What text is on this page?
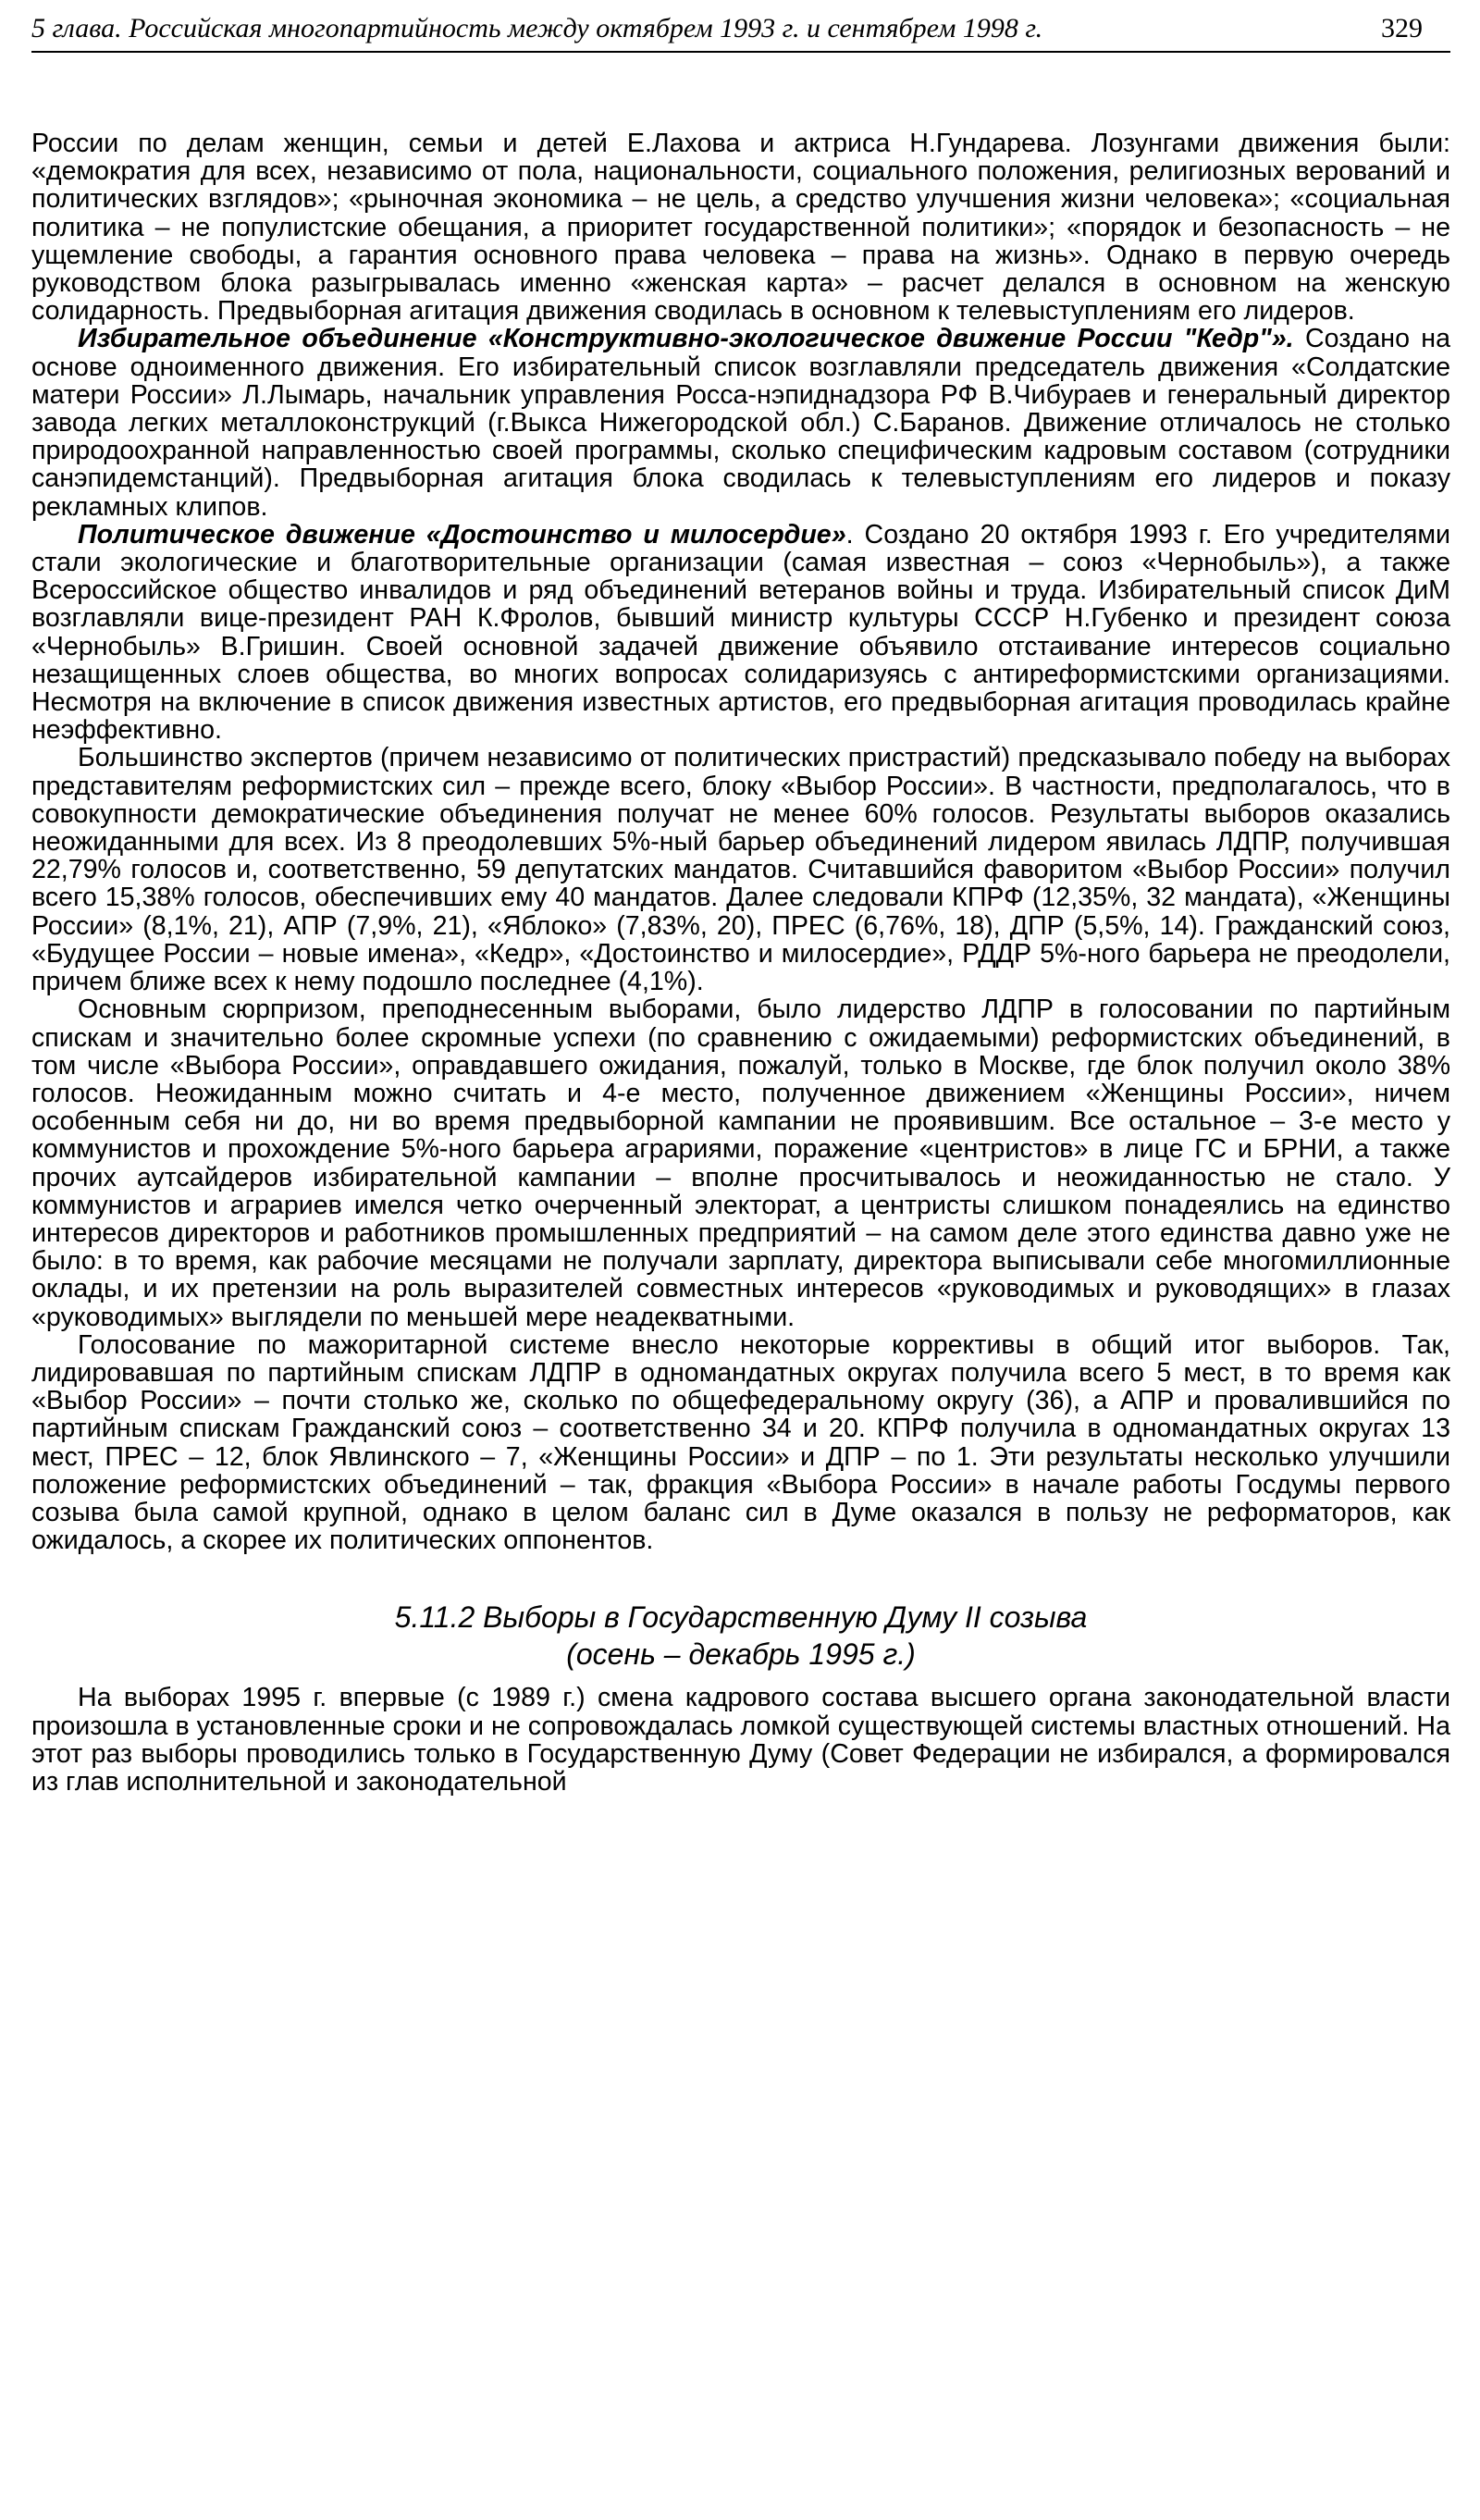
5 глава. Российская многопартийность между октябрем 1993 г. и сентябрем 1998 г.	329

России по делам женщин, семьи и детей Е.Лахова и актриса Н.Гундарева. Лозунгами движения были: «демократия для всех, независимо от пола, национальности, социального положения, религиозных верований и политических взглядов»; «рыночная экономика – не цель, а средство улучшения жизни человека»; «социальная политика – не популистские обещания, а приоритет государственной политики»; «порядок и безопасность – не ущемление свободы, а гарантия основного права человека – права на жизнь». Однако в первую очередь руководством блока разыгрывалась именно «женская карта» – расчет делался в основном на женскую солидарность. Предвыборная агитация движения сводилась в основном к телевыступлениям его лидеров.

Избирательное объединение «Конструктивно-экологическое движение России "Кедр"». Создано на основе одноименного движения. Его избирательный список возглавляли председатель движения «Солдатские матери России» Л.Лымарь, начальник управления Росса-нэпиднадзора РФ В.Чибураев и генеральный директор завода легких металлоконструкций (г.Выкса Нижегородской обл.) С.Баранов. Движение отличалось не столько природоохранной направленностью своей программы, сколько специфическим кадровым составом (сотрудники санэпидемстанций). Предвыборная агитация блока сводилась к телевыступлениям его лидеров и показу рекламных клипов.

Политическое движение «Достоинство и милосердие». Создано 20 октября 1993 г. Его учредителями стали экологические и благотворительные организации (самая известная – союз «Чернобыль»), а также Всероссийское общество инвалидов и ряд объединений ветеранов войны и труда. Избирательный список ДиМ возглавляли вице-президент РАН К.Фролов, бывший министр культуры СССР Н.Губенко и президент союза «Чернобыль» В.Гришин. Своей основной задачей движение объявило отстаивание интересов социально незащищенных слоев общества, во многих вопросах солидаризуясь с антиреформистскими организациями. Несмотря на включение в список движения известных артистов, его предвыборная агитация проводилась крайне неэффективно.

Большинство экспертов (причем независимо от политических пристрастий) предсказывало победу на выборах представителям реформистских сил – прежде всего, блоку «Выбор России». В частности, предполагалось, что в совокупности демократические объединения получат не менее 60% голосов. Результаты выборов оказались неожиданными для всех. Из 8 преодолевших 5%-ный барьер объединений лидером явилась ЛДПР, получившая 22,79% голосов и, соответственно, 59 депутатских мандатов. Считавшийся фаворитом «Выбор России» получил всего 15,38% голосов, обеспечивших ему 40 мандатов. Далее следовали КПРФ (12,35%, 32 мандата), «Женщины России» (8,1%, 21), АПР (7,9%, 21), «Яблоко» (7,83%, 20), ПРЕС (6,76%, 18), ДПР (5,5%, 14). Гражданский союз, «Будущее России – новые имена», «Кедр», «Достоинство и милосердие», РДДР 5%-ного барьера не преодолели, причем ближе всех к нему подошло последнее (4,1%).

Основным сюрпризом, преподнесенным выборами, было лидерство ЛДПР в голосовании по партийным спискам и значительно более скромные успехи (по сравнению с ожидаемыми) реформистских объединений, в том числе «Выбора России», оправдавшего ожидания, пожалуй, только в Москве, где блок получил около 38% голосов. Неожиданным можно считать и 4-е место, полученное движением «Женщины России», ничем особенным себя ни до, ни во время предвыборной кампании не проявившим. Все остальное – 3-е место у коммунистов и прохождение 5%-ного барьера аграриями, поражение «центристов» в лице ГС и БРНИ, а также прочих аутсайдеров избирательной кампании – вполне просчитывалось и неожиданностью не стало. У коммунистов и аграриев имелся четко очерченный электорат, а центристы слишком понадеялись на единство интересов директоров и работников промышленных предприятий – на самом деле этого единства давно уже не было: в то время, как рабочие месяцами не получали зарплату, директора выписывали себе многомиллионные оклады, и их претензии на роль выразителей совместных интересов «руководимых и руководящих» в глазах «руководимых» выглядели по меньшей мере неадекватными.

Голосование по мажоритарной системе внесло некоторые коррективы в общий итог выборов. Так, лидировавшая по партийным спискам ЛДПР в одномандатных округах получила всего 5 мест, в то время как «Выбор России» – почти столько же, сколько по общефедеральному округу (36), а АПР и провалившийся по партийным спискам Гражданский союз – соответственно 34 и 20. КПРФ получила в одномандатных округах 13 мест, ПРЕС – 12, блок Явлинского – 7, «Женщины России» и ДПР – по 1. Эти результаты несколько улучшили положение реформистских объединений – так, фракция «Выбора России» в начале работы Госдумы первого созыва была самой крупной, однако в целом баланс сил в Думе оказался в пользу не реформаторов, как ожидалось, а скорее их политических оппонентов.

5.11.2 Выборы в Государственную Думу II созыва
(осень – декабрь 1995 г.)

На выборах 1995 г. впервые (с 1989 г.) смена кадрового состава высшего органа законодательной власти произошла в установленные сроки и не сопровождалась ломкой существующей системы властных отношений. На этот раз выборы проводились только в Государственную Думу (Совет Федерации не избирался, а формировался из глав исполнительной и законодательной
